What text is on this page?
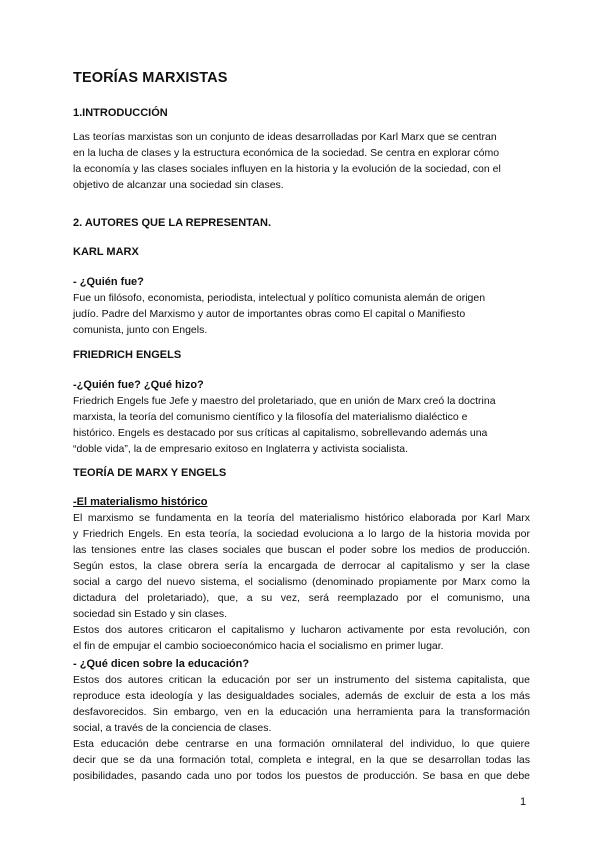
TEORÍAS MARXISTAS
1.INTRODUCCIÓN
Las teorías marxistas son un conjunto de ideas desarrolladas por Karl Marx que se centran
en la lucha de clases y la estructura económica de la sociedad. Se centra en explorar cómo
la economía y las clases sociales influyen en la historia y la evolución de la sociedad, con el
objetivo de alcanzar una sociedad sin clases.
2. AUTORES QUE LA REPRESENTAN.
KARL MARX
- ¿Quién fue?
Fue un filósofo, economista, periodista, intelectual y político comunista alemán de origen
judío. Padre del Marxismo y autor de importantes obras como El capital o Manifiesto
comunista, junto con Engels.
FRIEDRICH ENGELS
-¿Quién fue? ¿Qué hizo?
Friedrich Engels fue Jefe y maestro del proletariado, que en unión de Marx creó la doctrina
marxista, la teoría del comunismo científico y la filosofía del materialismo dialéctico e
histórico. Engels es destacado por sus críticas al capitalismo, sobrellevando además una
“doble vida”, la de empresario exitoso en Inglaterra y activista socialista.
TEORÍA DE MARX Y ENGELS
-El materialismo histórico
El marxismo se fundamenta en la teoría del materialismo histórico elaborada por Karl Marx
y Friedrich Engels. En esta teoría, la sociedad evoluciona a lo largo de la historia movida por
las tensiones entre las clases sociales que buscan el poder sobre los medios de producción.
Según estos, la clase obrera sería la encargada de derrocar al capitalismo y ser la clase
social a cargo del nuevo sistema, el socialismo (denominado propiamente por Marx como la
dictadura del proletariado), que, a su vez, será reemplazado por el comunismo, una
sociedad sin Estado y sin clases.
Estos dos autores criticaron el capitalismo y lucharon activamente por esta revolución, con
el fin de empujar el cambio socioeconómico hacia el socialismo en primer lugar.
- ¿Qué dicen sobre la educación?
Estos dos autores critican la educación por ser un instrumento del sistema capitalista, que
reproduce esta ideología y las desigualdades sociales, además de excluir de esta a los más
desfavorecidos. Sin embargo, ven en la educación una herramienta para la transformación
social, a través de la conciencia de clases.
Esta educación debe centrarse en una formación omnilateral del individuo, lo que quiere
decir que se da una formación total, completa e integral, en la que se desarrollan todas las
posibilidades, pasando cada uno por todos los puestos de producción. Se basa en que debe
1
